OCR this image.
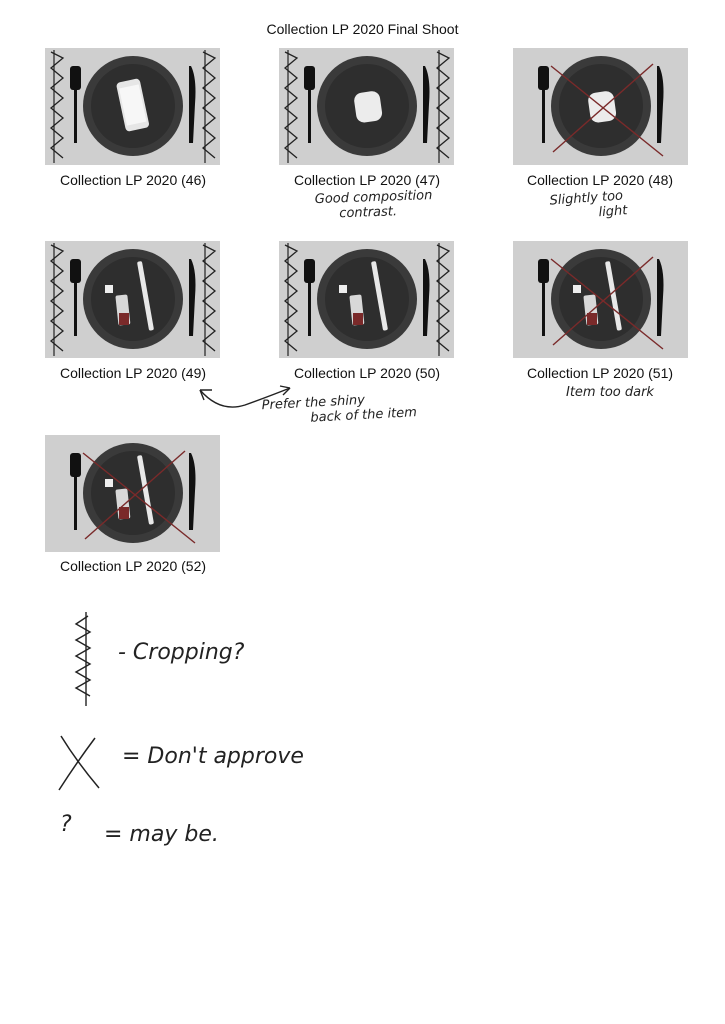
Collection LP 2020 Final Shoot
Collection LP 2020 (46)	Collection LP 2020 (47)	Collection LP 2020 (48)
Collection LP 2020 (49)	Collection LP 2020 (50)	Collection LP 2020 (51)
Collection LP 2020 (52)
Good composition
contrast.
Slightly too
light
Prefer the shiny
back of the item
Item too dark
- Cropping?
= Don't approve
? = may be.
